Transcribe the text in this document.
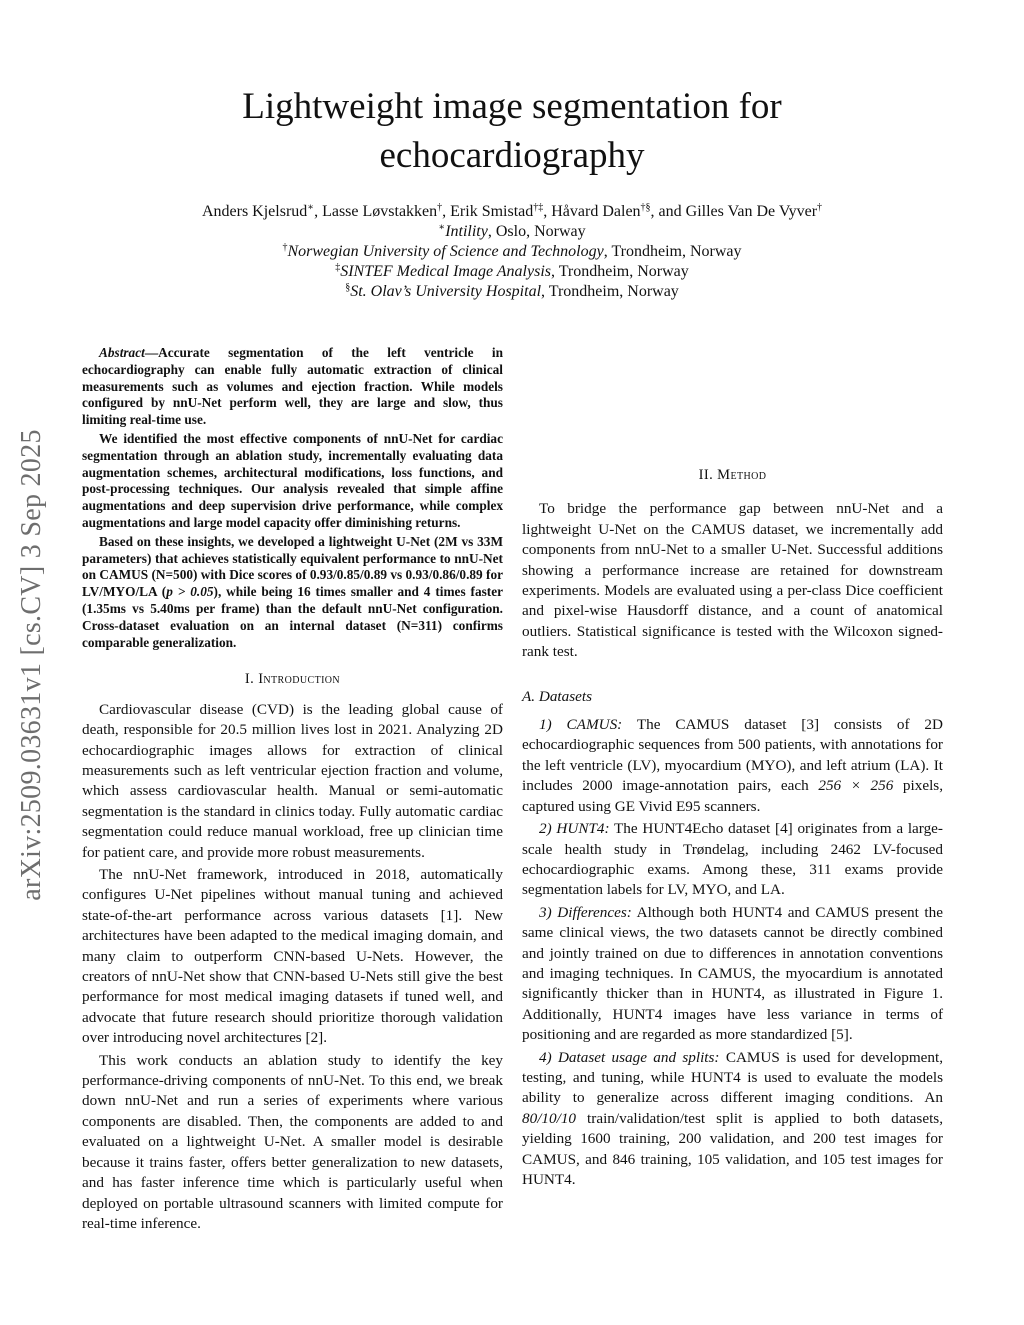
arXiv:2509.03631v1 [cs.CV] 3 Sep 2025
Lightweight image segmentation for
echocardiography
Anders Kjelsrud∗, Lasse Løvstakken†, Erik Smistad†‡, Håvard Dalen†§, and Gilles Van De Vyver†
∗Intility, Oslo, Norway
†Norwegian University of Science and Technology, Trondheim, Norway
‡SINTEF Medical Image Analysis, Trondheim, Norway
§St. Olav’s University Hospital, Trondheim, Norway

Abstract—Accurate segmentation of the left ventricle in echocardiography can enable fully automatic extraction of clinical measurements such as volumes and ejection fraction. While models configured by nnU-Net perform well, they are large and slow, thus limiting real-time use.

We identified the most effective components of nnU-Net for cardiac segmentation through an ablation study, incrementally evaluating data augmentation schemes, architectural modifications, loss functions, and post-processing techniques. Our analysis revealed that simple affine augmentations and deep supervision drive performance, while complex augmentations and large model capacity offer diminishing returns.

Based on these insights, we developed a lightweight U-Net (2M vs 33M parameters) that achieves statistically equivalent performance to nnU-Net on CAMUS (N=500) with Dice scores of 0.93/0.85/0.89 vs 0.93/0.86/0.89 for LV/MYO/LA (p > 0.05), while being 16 times smaller and 4 times faster (1.35ms vs 5.40ms per frame) than the default nnU-Net configuration. Cross-dataset evaluation on an internal dataset (N=311) confirms comparable generalization.

I. Introduction

Cardiovascular disease (CVD) is the leading global cause of death, responsible for 20.5 million lives lost in 2021. Analyzing 2D echocardiographic images allows for extraction of clinical measurements such as left ventricular ejection fraction and volume, which assess cardiovascular health. Manual or semi-automatic segmentation is the standard in clinics today. Fully automatic cardiac segmentation could reduce manual workload, free up clinician time for patient care, and provide more robust measurements.

The nnU-Net framework, introduced in 2018, automatically configures U-Net pipelines without manual tuning and achieved state-of-the-art performance across various datasets [1]. New architectures have been adapted to the medical imaging domain, and many claim to outperform CNN-based U-Nets. However, the creators of nnU-Net show that CNN-based U-Nets still give the best performance for most medical imaging datasets if tuned well, and advocate that future research should prioritize thorough validation over introducing novel architectures [2].

This work conducts an ablation study to identify the key performance-driving components of nnU-Net. To this end, we break down nnU-Net and run a series of experiments where various components are disabled. Then, the components are added to and evaluated on a lightweight U-Net. A smaller model is desirable because it trains faster, offers better generalization to new datasets, and has faster inference time which is particularly useful when deployed on portable ultrasound scanners with limited compute for real-time inference.

II. Method

To bridge the performance gap between nnU-Net and a lightweight U-Net on the CAMUS dataset, we incrementally add components from nnU-Net to a smaller U-Net. Successful additions showing a performance increase are retained for downstream experiments. Models are evaluated using a per-class Dice coefficient and pixel-wise Hausdorff distance, and a count of anatomical outliers. Statistical significance is tested with the Wilcoxon signed-rank test.

A. Datasets

1) CAMUS: The CAMUS dataset [3] consists of 2D echocardiographic sequences from 500 patients, with annotations for the left ventricle (LV), myocardium (MYO), and left atrium (LA). It includes 2000 image-annotation pairs, each 256 × 256 pixels, captured using GE Vivid E95 scanners.

2) HUNT4: The HUNT4Echo dataset [4] originates from a large-scale health study in Trøndelag, including 2462 LV-focused echocardiographic exams. Among these, 311 exams provide segmentation labels for LV, MYO, and LA.

3) Differences: Although both HUNT4 and CAMUS present the same clinical views, the two datasets cannot be directly combined and jointly trained on due to differences in annotation conventions and imaging techniques. In CAMUS, the myocardium is annotated significantly thicker than in HUNT4, as illustrated in Figure 1. Additionally, HUNT4 images have less variance in terms of positioning and are regarded as more standardized [5].

4) Dataset usage and splits: CAMUS is used for development, testing, and tuning, while HUNT4 is used to evaluate the models ability to generalize across different imaging conditions. An 80/10/10 train/validation/test split is applied to both datasets, yielding 1600 training, 200 validation, and 200 test images for CAMUS, and 846 training, 105 validation, and 105 test images for HUNT4.
